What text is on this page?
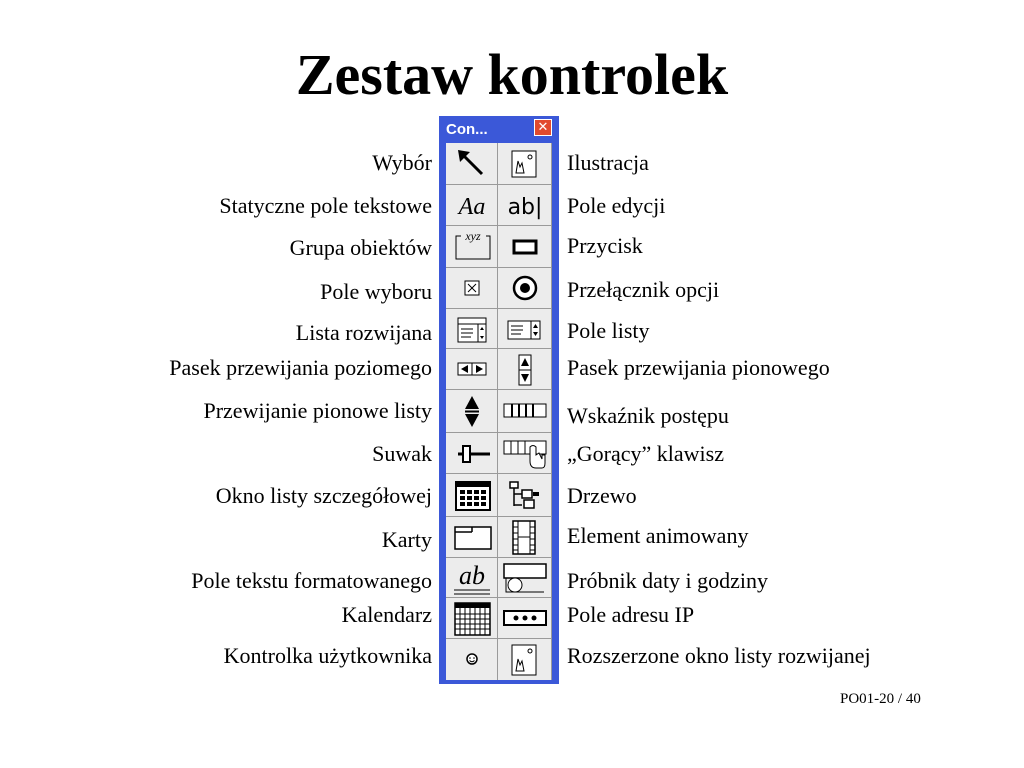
Zestaw kontrolek
Wybór
Statyczne pole tekstowe
Grupa obiektów
Pole wyboru
Lista rozwijana
Pasek przewijania poziomego
Przewijanie pionowe listy
Suwak
Okno listy szczegółowej
Karty
Pole tekstu formatowanego
Kalendarz
Kontrolka użytkownika
Ilustracja
Pole edycji
Przycisk
Przełącznik opcji
Pole listy
Pasek przewijania pionowego
Wskaźnik postępu
„Gorący” klawisz
Drzewo
Element animowany
Próbnik daty i godziny
Pole adresu IP
Rozszerzone okno listy rozwijanej
Con...	✕
Aa ab|
xyz
ab
PO01-20 / 40
